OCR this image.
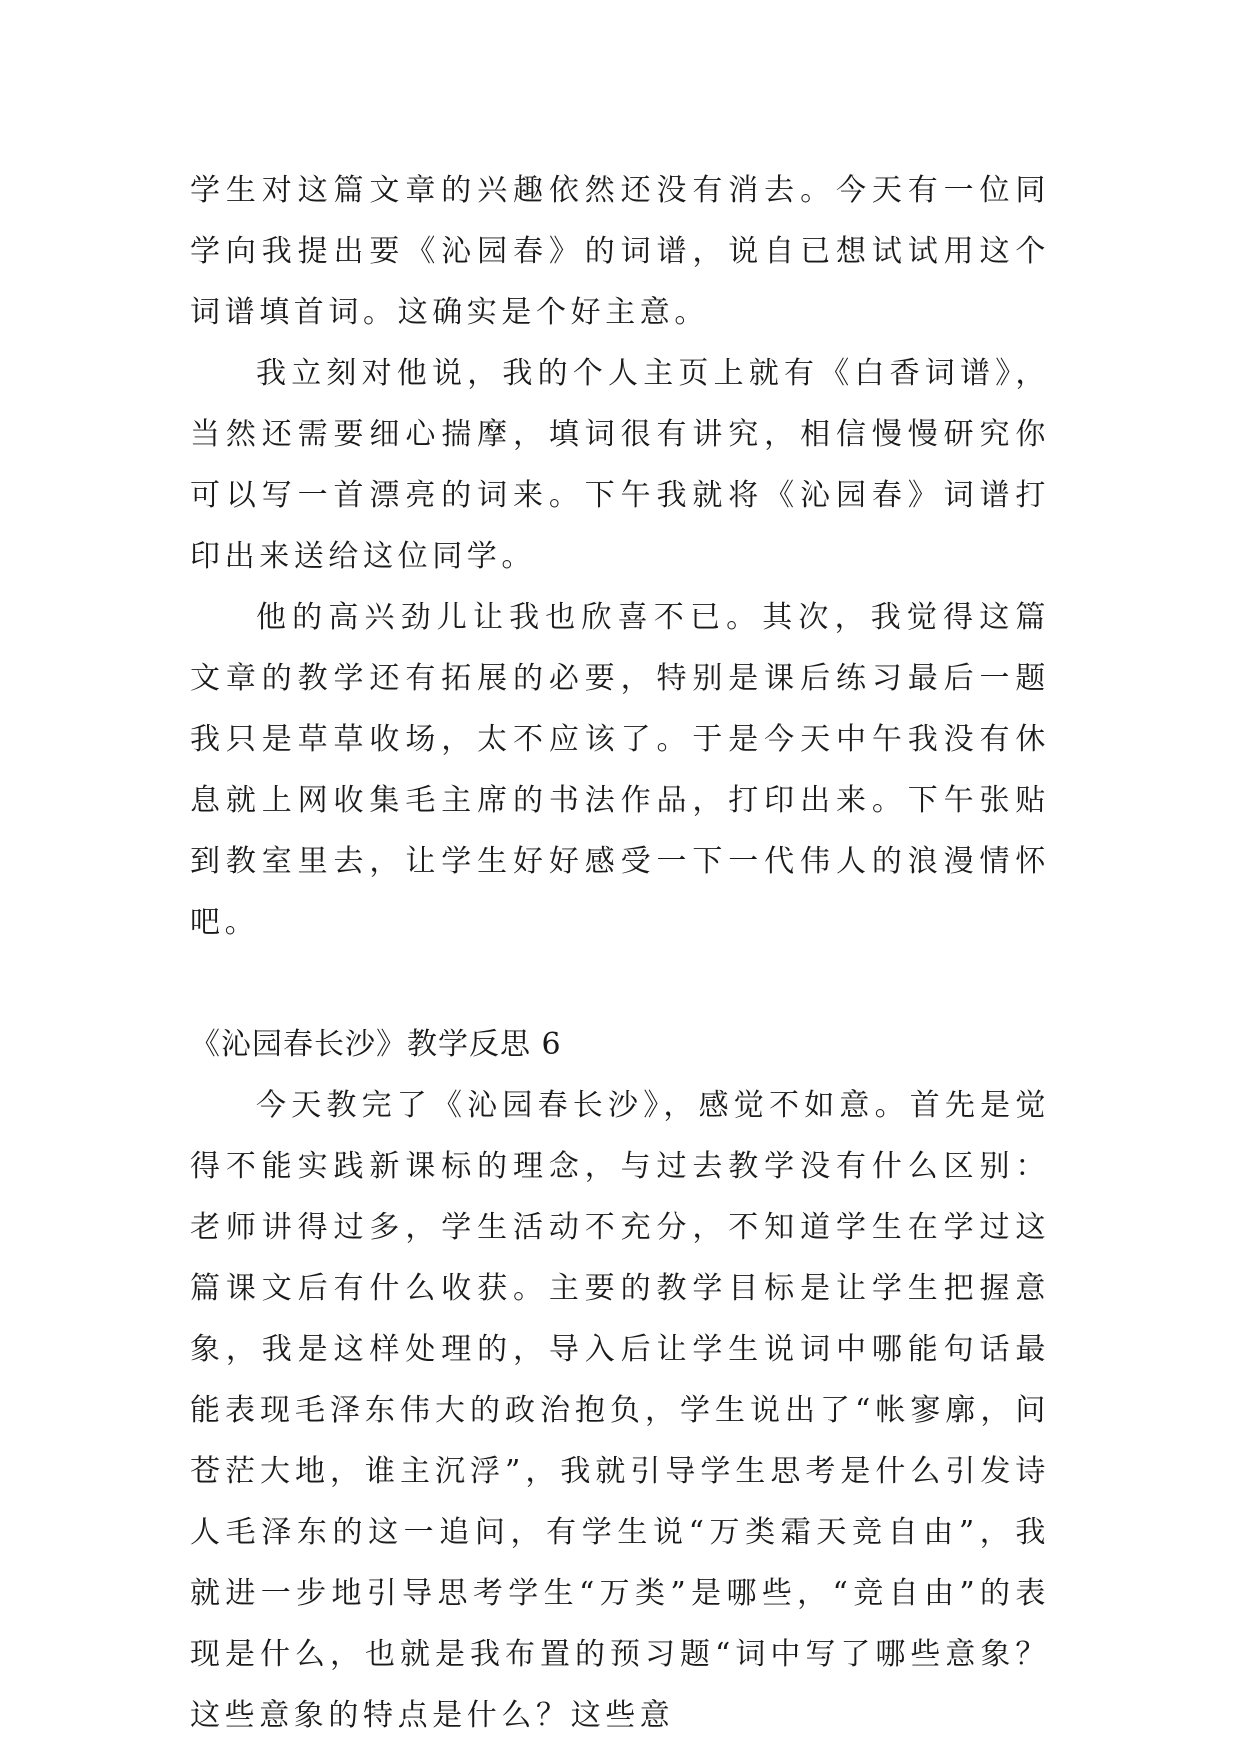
学生对这篇文章的兴趣依然还没有消去。今天有一位同学向我提出要《沁园春》的词谱，说自已想试试用这个词谱填首词。这确实是个好主意。

我立刻对他说，我的个人主页上就有《白香词谱》，当然还需要细心揣摩，填词很有讲究，相信慢慢研究你可以写一首漂亮的词来。下午我就将《沁园春》词谱打印出来送给这位同学。

他的高兴劲儿让我也欣喜不已。其次，我觉得这篇文章的教学还有拓展的必要，特别是课后练习最后一题我只是草草收场，太不应该了。于是今天中午我没有休息就上网收集毛主席的书法作品，打印出来。下午张贴到教室里去，让学生好好感受一下一代伟人的浪漫情怀吧。

《沁园春长沙》教学反思 6

今天教完了《沁园春长沙》，感觉不如意。首先是觉得不能实践新课标的理念，与过去教学没有什么区别：老师讲得过多，学生活动不充分，不知道学生在学过这篇课文后有什么收获。主要的教学目标是让学生把握意象，我是这样处理的，导入后让学生说词中哪能句话最能表现毛泽东伟大的政治抱负，学生说出了“帐寥廓，问苍茫大地，谁主沉浮”，我就引导学生思考是什么引发诗人毛泽东的这一追问，有学生说“万类霜天竞自由”，我就进一步地引导思考学生“万类”是哪些，“竞自由”的表现是什么，也就是我布置的预习题“词中写了哪些意象？这些意象的特点是什么？这些意
